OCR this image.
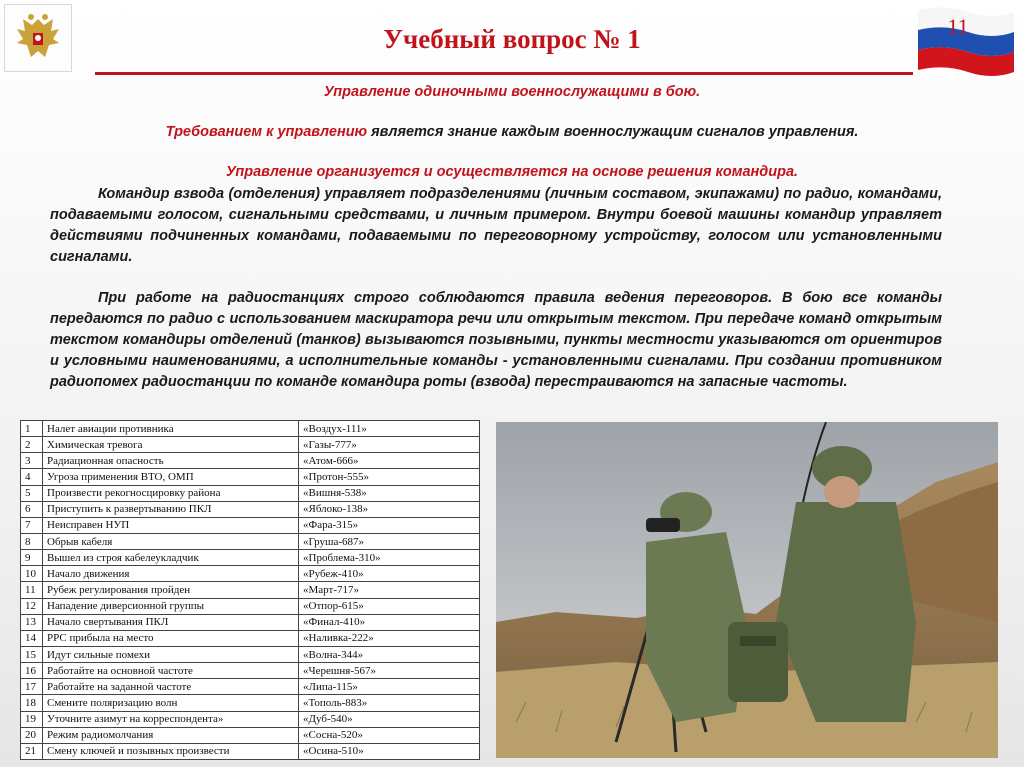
Учебный вопрос № 1	11
Управление одиночными военнослужащими в бою.
Требованием к управлению является знание каждым военнослужащим сигналов управления.
Управление организуется и осуществляется на основе решения командира.
Командир взвода (отделения) управляет подразделениями (личным составом, экипажами) по радио, командами, подаваемыми голосом, сигнальными средствами, и личным примером. Внутри боевой машины командир управляет действиями подчиненных командами, подаваемыми по переговорному устройству, голосом или установленными сигналами.
При работе на радиостанциях строго соблюдаются правила ведения переговоров. В бою все команды передаются по радио с использованием маскиратора речи или открытым текстом. При передаче команд открытым текстом командиры отделений (танков) вызываются позывными, пункты местности указываются от ориентиров и условными наименованиями, а исполнительные команды - установленными сигналами. При создании противником радиопомех радиостанции по команде командира роты (взвода) перестраиваются на запасные частоты.
1	Налет авиации противника	«Воздух-111»
2	Химическая тревога	«Газы-777»
3	Радиационная опасность	«Атом-666»
4	Угроза применения ВТО, ОМП	«Протон-555»
5	Произвести рекогносцировку района	«Вишня-538»
6	Приступить к развертыванию ПКЛ	«Яблоко-138»
7	Неисправен НУП	«Фара-315»
8	Обрыв кабеля	«Груша-687»
9	Вышел из строя кабелеукладчик	«Проблема-310»
10	Начало движения	«Рубеж-410»
11	Рубеж регулирования пройден	«Март-717»
12	Нападение диверсионной группы	«Отпор-615»
13	Начало свертывания ПКЛ	«Финал-410»
14	РРС прибыла на место	«Наливка-222»
15	Идут сильные помехи	«Волна-344»
16	Работайте на основной частоте	«Черешня-567»
17	Работайте на заданной частоте	«Липа-115»
18	Смените поляризацию волн	«Тополь-883»
19	Уточните азимут на корреспондента»	«Дуб-540»
20	Режим радиомолчания	«Сосна-520»
21	Смену ключей и позывных произвести	«Осина-510»
